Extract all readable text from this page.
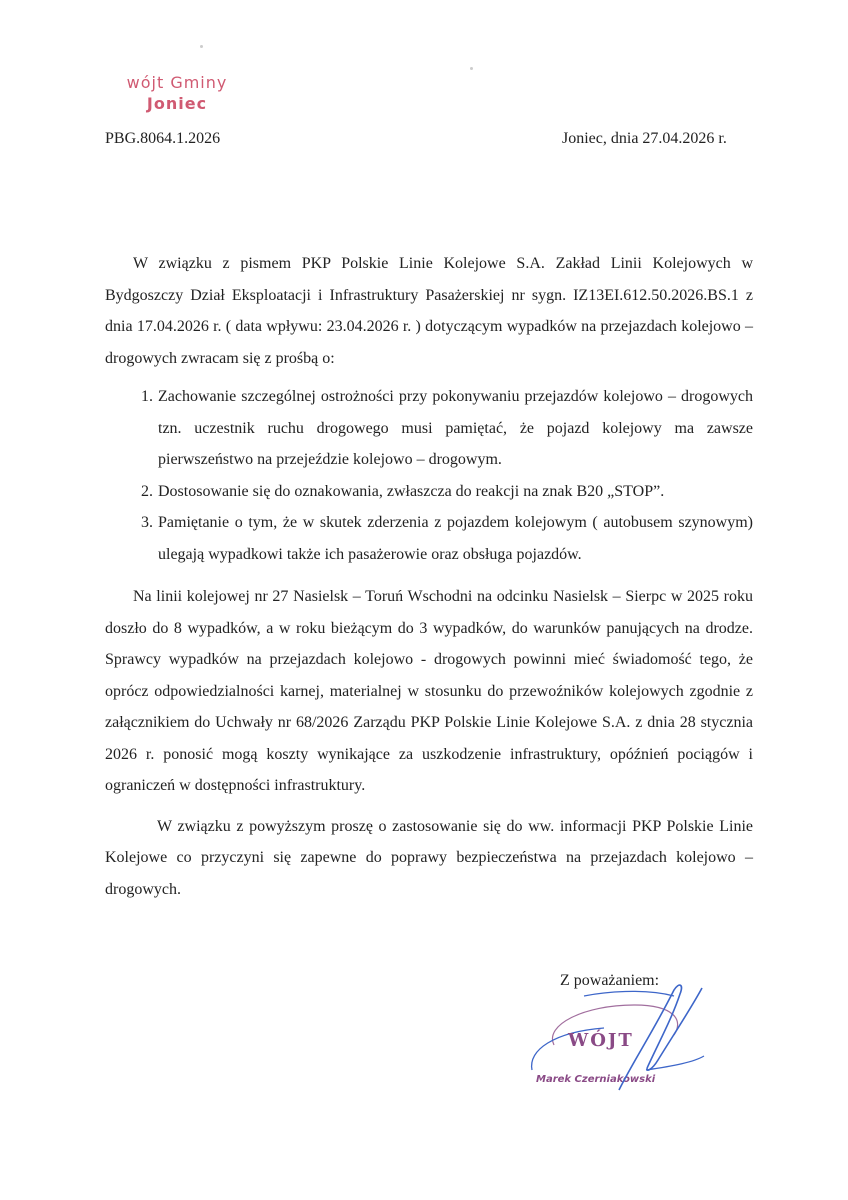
wójt Gminy
Joniec
PBG.8064.1.2026	Joniec, dnia 27.04.2026 r.

W związku z pismem PKP Polskie Linie Kolejowe S.A. Zakład Linii Kolejowych w Bydgoszczy Dział Eksploatacji i Infrastruktury Pasażerskiej nr sygn. IZ13EI.612.50.2026.BS.1 z dnia 17.04.2026 r. ( data wpływu: 23.04.2026 r. ) dotyczącym wypadków na przejazdach kolejowo – drogowych zwracam się z prośbą o:

1. Zachowanie szczególnej ostrożności przy pokonywaniu przejazdów kolejowo – drogowych tzn. uczestnik ruchu drogowego musi pamiętać, że pojazd kolejowy ma zawsze pierwszeństwo na przejeździe kolejowo – drogowym.
2. Dostosowanie się do oznakowania, zwłaszcza do reakcji na znak B20 „STOP”.
3. Pamiętanie o tym, że w skutek zderzenia z pojazdem kolejowym ( autobusem szynowym) ulegają wypadkowi także ich pasażerowie oraz obsługa pojazdów.

Na linii kolejowej nr 27 Nasielsk – Toruń Wschodni na odcinku Nasielsk – Sierpc w 2025 roku doszło do 8 wypadków, a w roku bieżącym do 3 wypadków, do warunków panujących na drodze. Sprawcy wypadków na przejazdach kolejowo - drogowych powinni mieć świadomość tego, że oprócz odpowiedzialności karnej, materialnej w stosunku do przewoźników kolejowych zgodnie z załącznikiem do Uchwały nr 68/2026 Zarządu PKP Polskie Linie Kolejowe S.A. z dnia 28 stycznia 2026 r. ponosić mogą koszty wynikające za uszkodzenie infrastruktury, opóźnień pociągów i ograniczeń w dostępności infrastruktury.

W związku z powyższym proszę o zastosowanie się do ww. informacji PKP Polskie Linie Kolejowe co przyczyni się zapewne do poprawy bezpieczeństwa na przejazdach kolejowo – drogowych.

Z poważaniem:
WÓJT
Marek Czerniakowski
